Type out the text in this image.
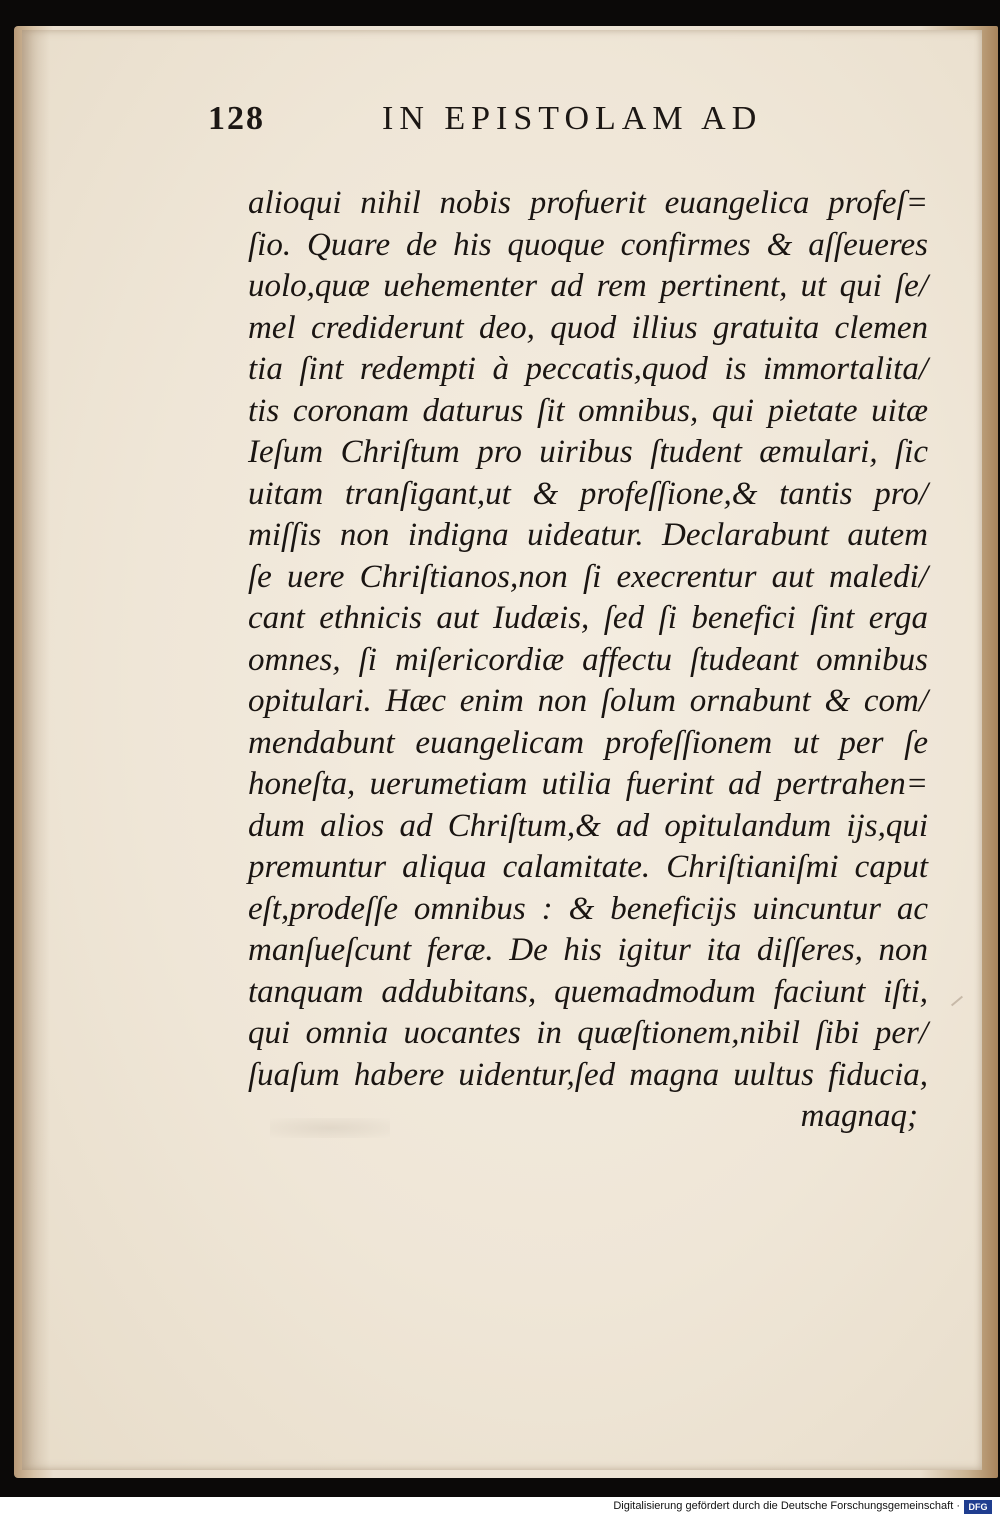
128	IN EPISTOLAM AD
alioqui nihil nobis profuerit euangelica profeſ=
ſio. Quare de his quoque confirmes & aſſeueres
uolo,quæ uehementer ad rem pertinent, ut qui ſe/
mel crediderunt deo, quod illius gratuita clemen
tia ſint redempti à peccatis,quod is immortalita/
tis coronam daturus ſit omnibus, qui pietate uitæ
Ieſum Chriſtum pro uiribus ſtudent æmulari, ſic
uitam tranſigant,ut & profeſſione,& tantis pro/
miſſis non indigna uideatur. Declarabunt autem
ſe uere Chriſtianos,non ſi execrentur aut maledi/
cant ethnicis aut Iudæis, ſed ſi benefici ſint erga
omnes, ſi miſericordiæ affectu ſtudeant omnibus
opitulari. Hæc enim non ſolum ornabunt & com/
mendabunt euangelicam profeſſionem ut per ſe
honeſta, uerumetiam utilia fuerint ad pertrahen=
dum alios ad Chriſtum,& ad opitulandum ijs,qui
premuntur aliqua calamitate. Chriſtianiſmi caput
eſt,prodeſſe omnibus : & beneficijs uincuntur ac
manſueſcunt feræ. De his igitur ita diſſeres, non
tanquam addubitans, quemadmodum faciunt iſti,
qui omnia uocantes in quæſtionem,nibil ſibi per/
ſuaſum habere uidentur,ſed magna uultus fiducia,
magnaq;
Digitalisierung gefördert durch die Deutsche Forschungsgemeinschaft · DFG
